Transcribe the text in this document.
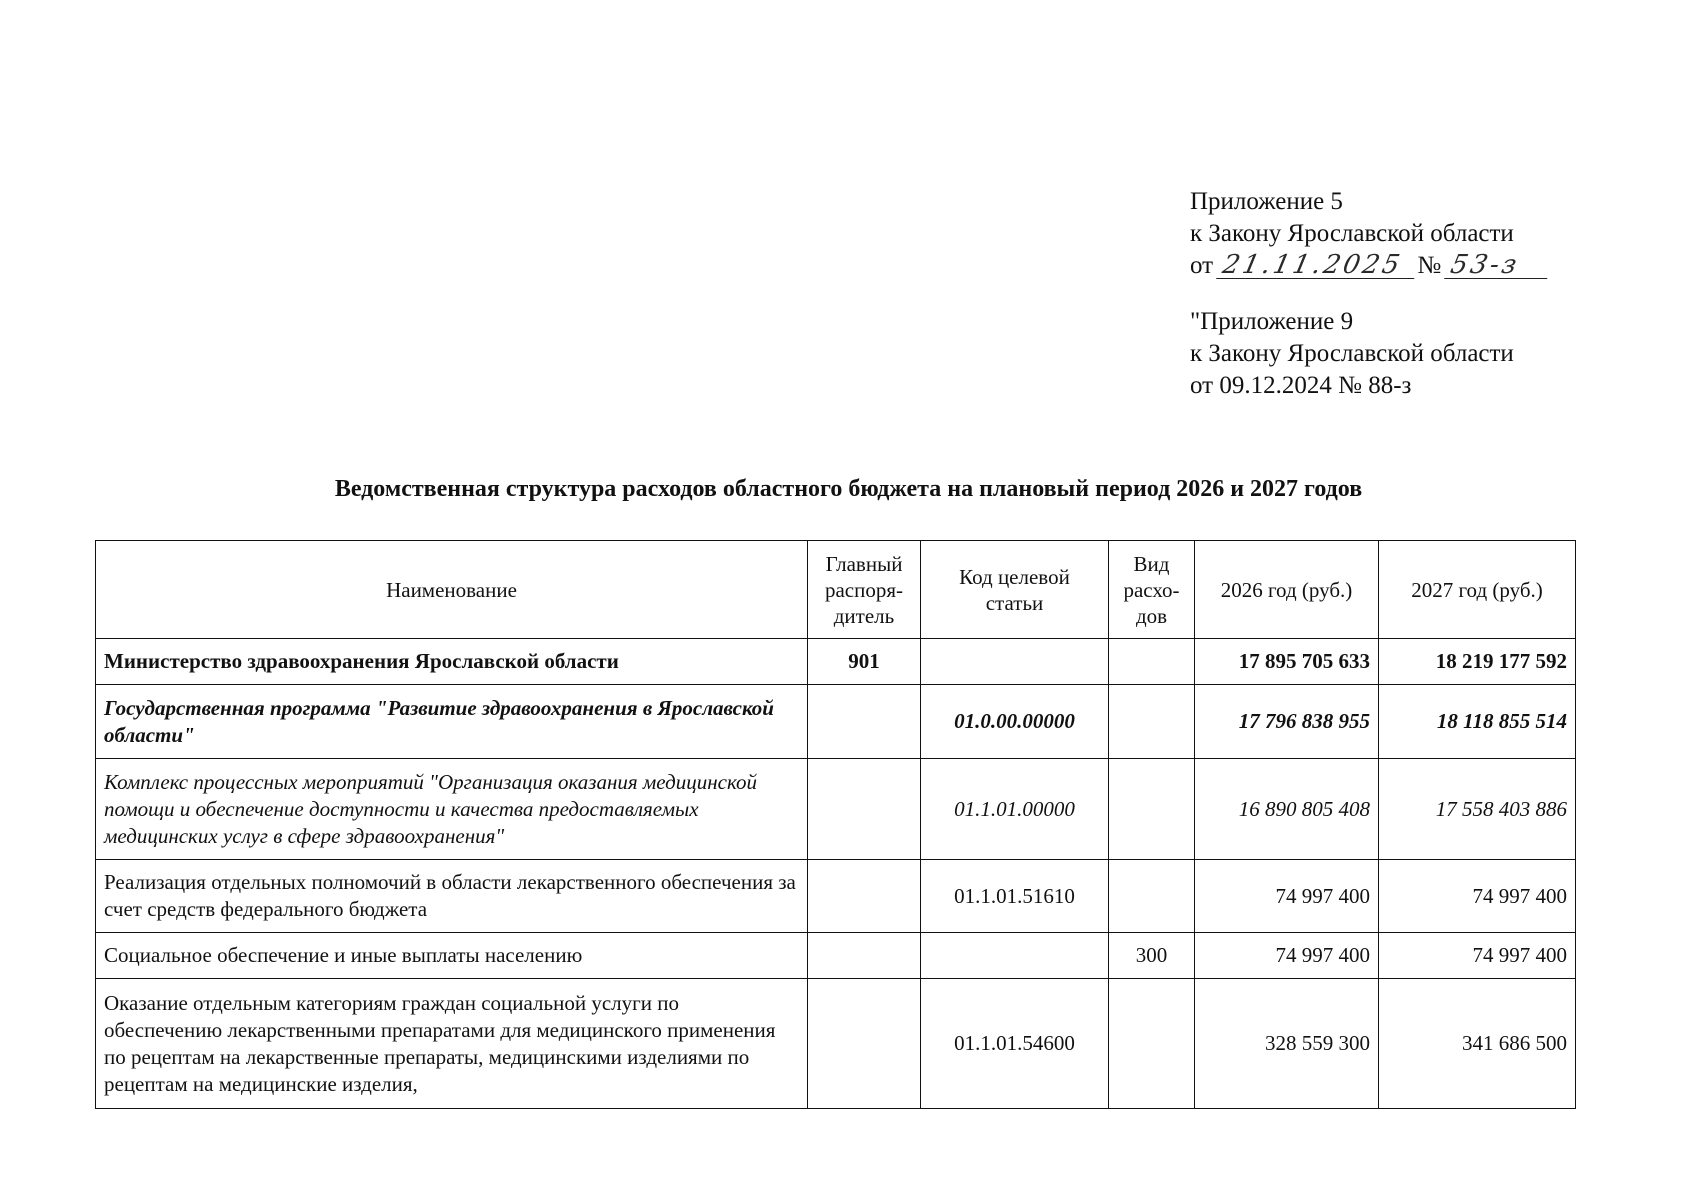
Приложение 5
к Закону Ярославской области
от 21.11.2025 № 53-з
"Приложение 9
к Закону Ярославской области
от 09.12.2024 № 88-з
Ведомственная структура расходов областного бюджета на плановый период 2026 и 2027 годов
Наименование	Главный распоря-дитель	Код целевой статьи	Вид расхо-дов	2026 год (руб.)	2027 год (руб.)
Министерство здравоохранения Ярославской области	901			17 895 705 633	18 219 177 592
Государственная программа "Развитие здравоохранения в Ярославской области"		01.0.00.00000		17 796 838 955	18 118 855 514
Комплекс процессных мероприятий "Организация оказания медицинской помощи и обеспечение доступности и качества предоставляемых медицинских услуг в сфере здравоохранения"		01.1.01.00000		16 890 805 408	17 558 403 886
Реализация отдельных полномочий в области лекарственного обеспечения за счет средств федерального бюджета		01.1.01.51610		74 997 400	74 997 400
Социальное обеспечение и иные выплаты населению			300	74 997 400	74 997 400
Оказание отдельным категориям граждан социальной услуги по обеспечению лекарственными препаратами для медицинского применения по рецептам на лекарственные препараты, медицинскими изделиями по рецептам на медицинские изделия,		01.1.01.54600		328 559 300	341 686 500
